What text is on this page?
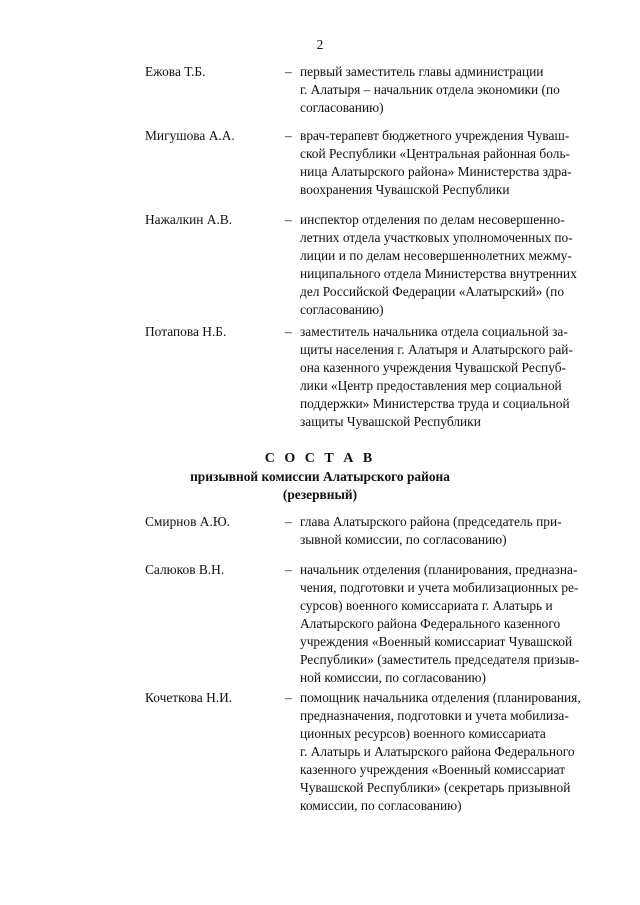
2
Ежова Т.Б.	– первый заместитель главы администрации
г. Алатыря – начальник отдела экономики (по
согласованию)
Мигушова А.А.	– врач-терапевт бюджетного учреждения Чуваш-
ской Республики «Центральная районная боль-
ница Алатырского района» Министерства здра-
воохранения Чувашской Республики
Нажалкин А.В.	– инспектор отделения по делам несовершенно-
летних отдела участковых уполномоченных по-
лиции и по делам несовершеннолетних межму-
ниципального отдела Министерства внутренних
дел Российской Федерации «Алатырский» (по
согласованию)
Потапова Н.Б.	– заместитель начальника отдела социальной за-
щиты населения г. Алатыря и Алатырского рай-
она казенного учреждения Чувашской Респуб-
лики «Центр предоставления мер социальной
поддержки» Министерства труда и социальной
защиты Чувашской Республики
С О С Т А В
призывной комиссии Алатырского района
(резервный)
Смирнов А.Ю.	– глава Алатырского района (председатель при-
зывной комиссии, по согласованию)
Салюков В.Н.	– начальник отделения (планирования, предназна-
чения, подготовки и учета мобилизационных ре-
сурсов) военного комиссариата г. Алатырь и
Алатырского района Федерального казенного
учреждения «Военный комиссариат Чувашской
Республики» (заместитель председателя призыв-
ной комиссии, по согласованию)
Кочеткова Н.И.	– помощник начальника отделения (планирования,
предназначения, подготовки и учета мобилиза-
ционных ресурсов) военного комиссариата
г. Алатырь и Алатырского района Федерального
казенного учреждения «Военный комиссариат
Чувашской Республики» (секретарь призывной
комиссии, по согласованию)
